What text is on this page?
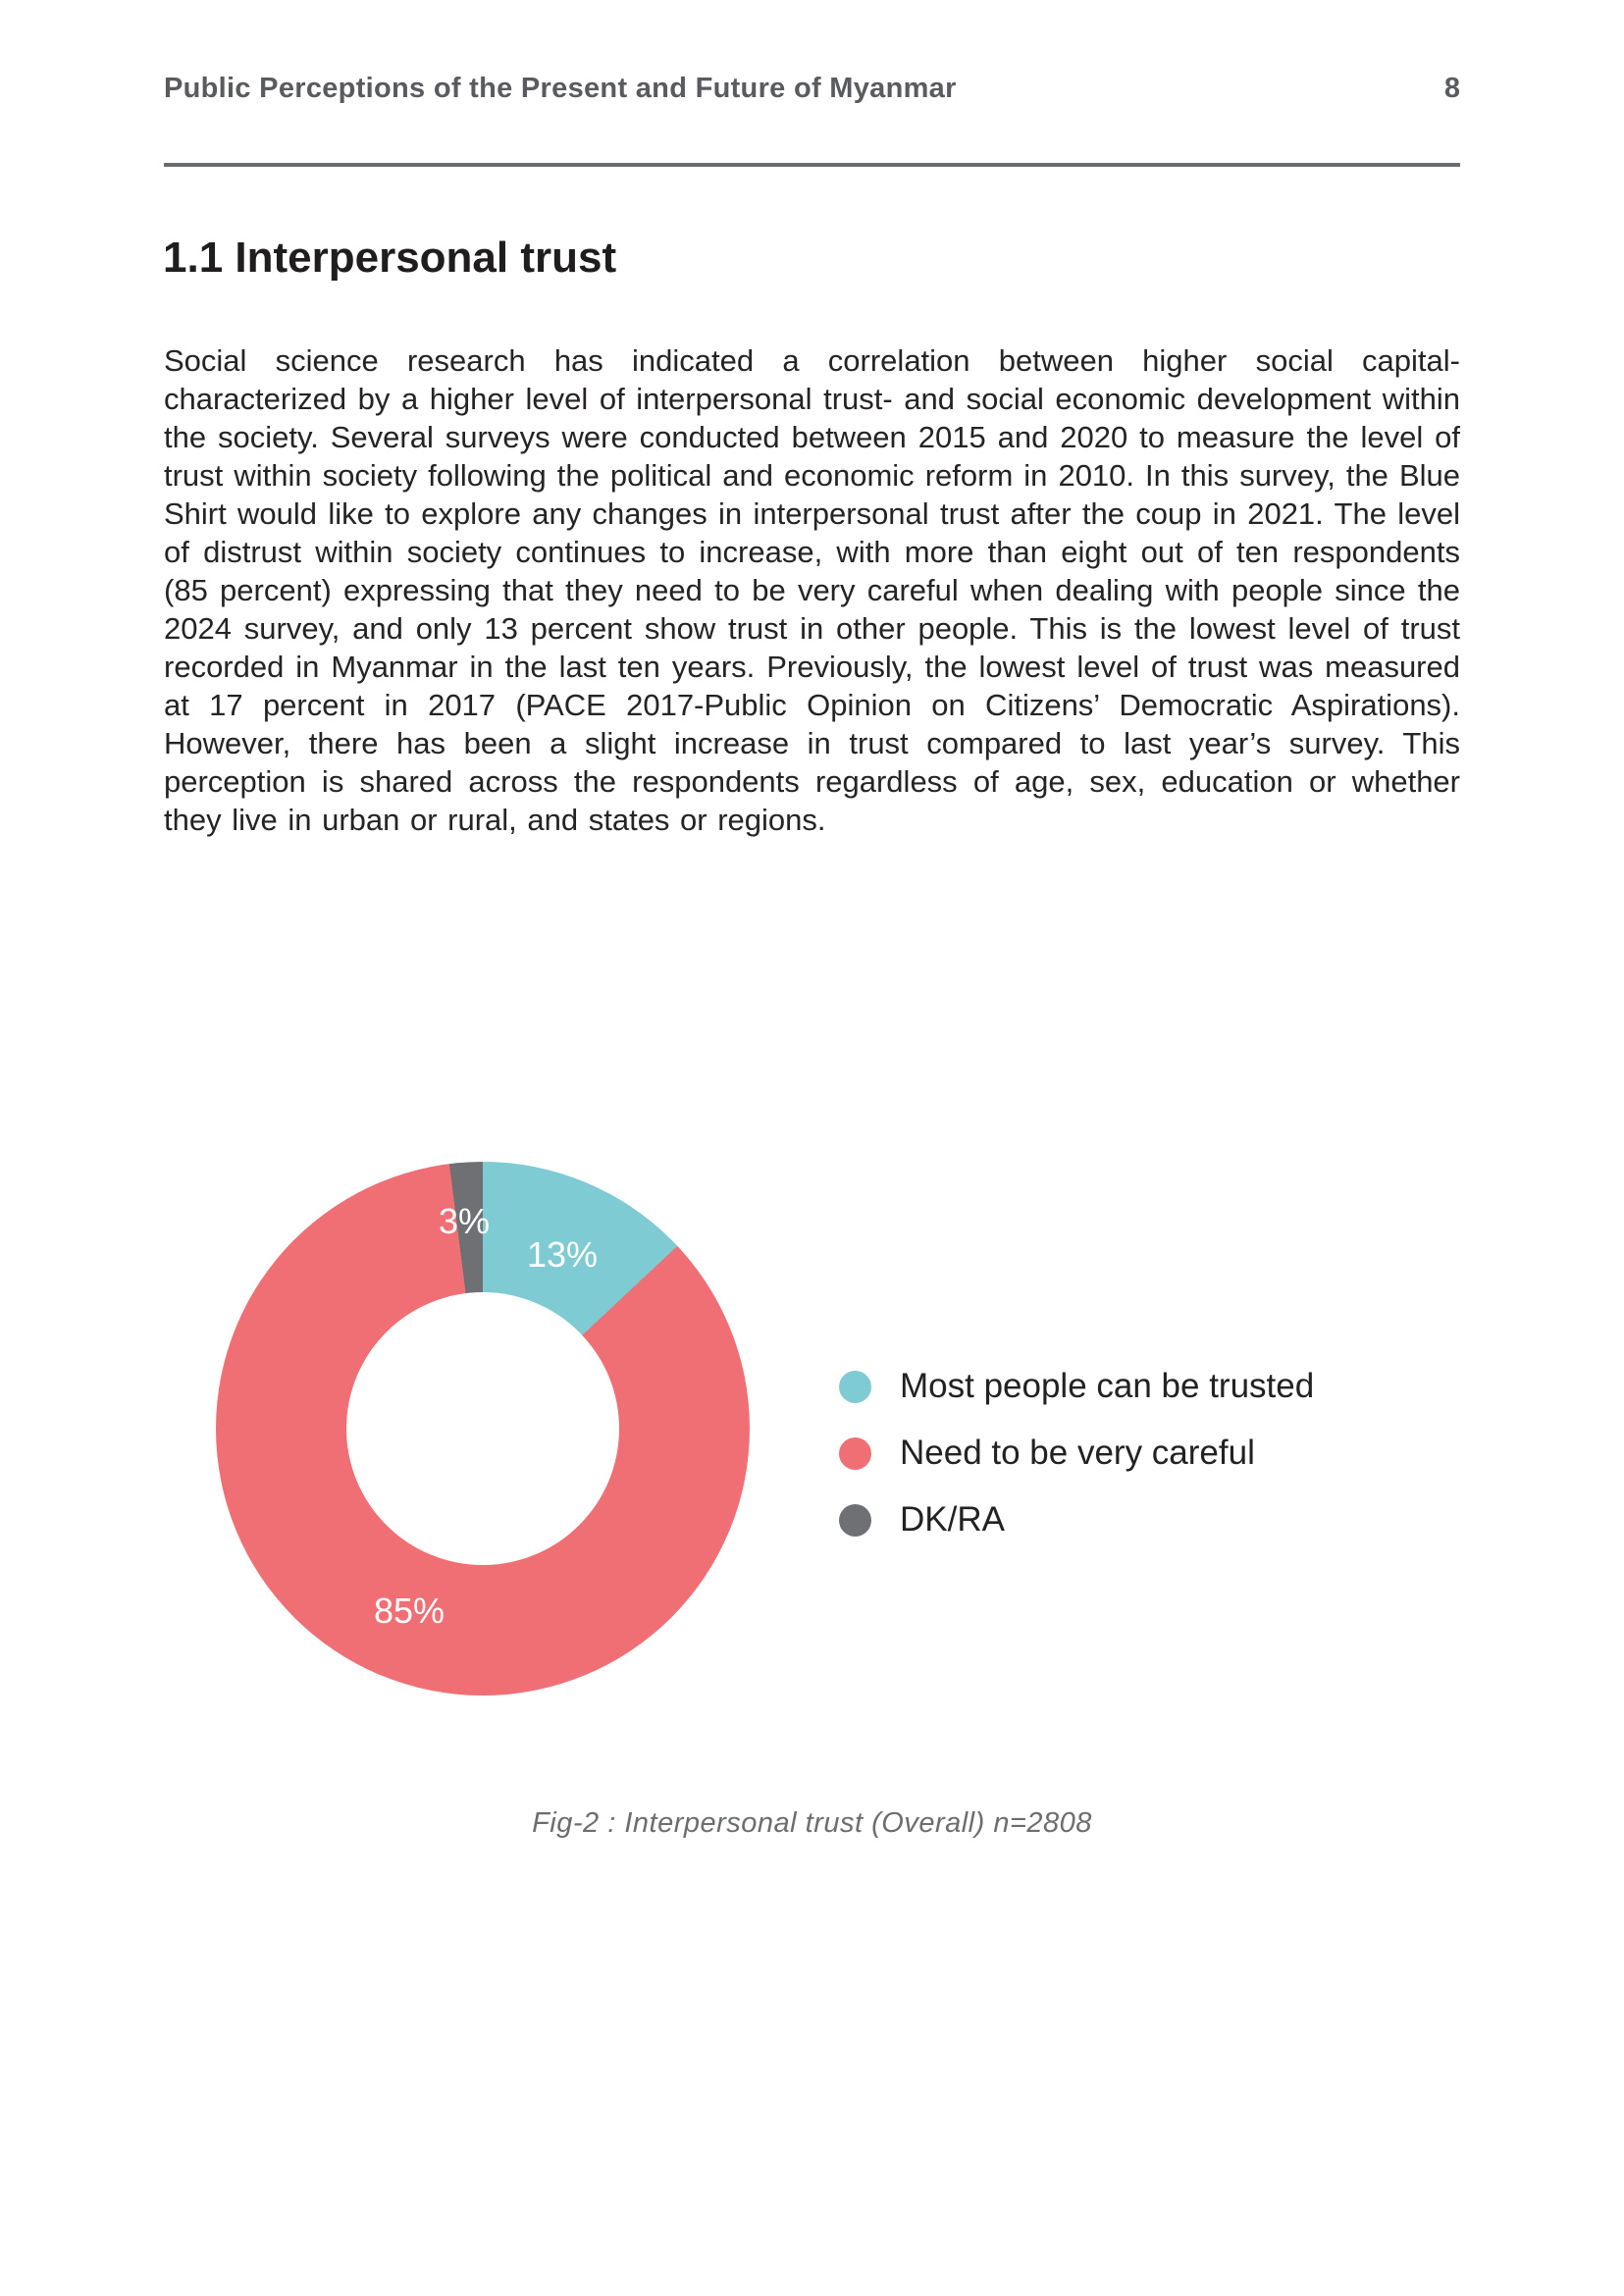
Public Perceptions of the Present and Future of Myanmar	8
1.1 Interpersonal trust

Social science research has indicated a correlation between higher social capital- characterized by a higher level of interpersonal trust- and social economic development within the society. Several surveys were conducted between 2015 and 2020 to measure the level of trust within society following the political and economic reform in 2010. In this survey, the Blue Shirt would like to explore any changes in interpersonal trust after the coup in 2021. The level of distrust within society continues to increase, with more than eight out of ten respondents (85 percent) expressing that they need to be very careful when dealing with people since the 2024 survey, and only 13 percent show trust in other people. This is the lowest level of trust recorded in Myanmar in the last ten years. Previously, the lowest level of trust was measured at 17 percent in 2017 (PACE 2017-Public Opinion on Citizens’ Democratic Aspirations). However, there has been a slight increase in trust compared to last year’s survey. This perception is shared across the respondents regardless of age, sex, education or whether they live in urban or rural, and states or regions.

3%
13%
85%
Most people can be trusted
Need to be very careful
DK/RA
Fig-2 : Interpersonal trust (Overall) n=2808
